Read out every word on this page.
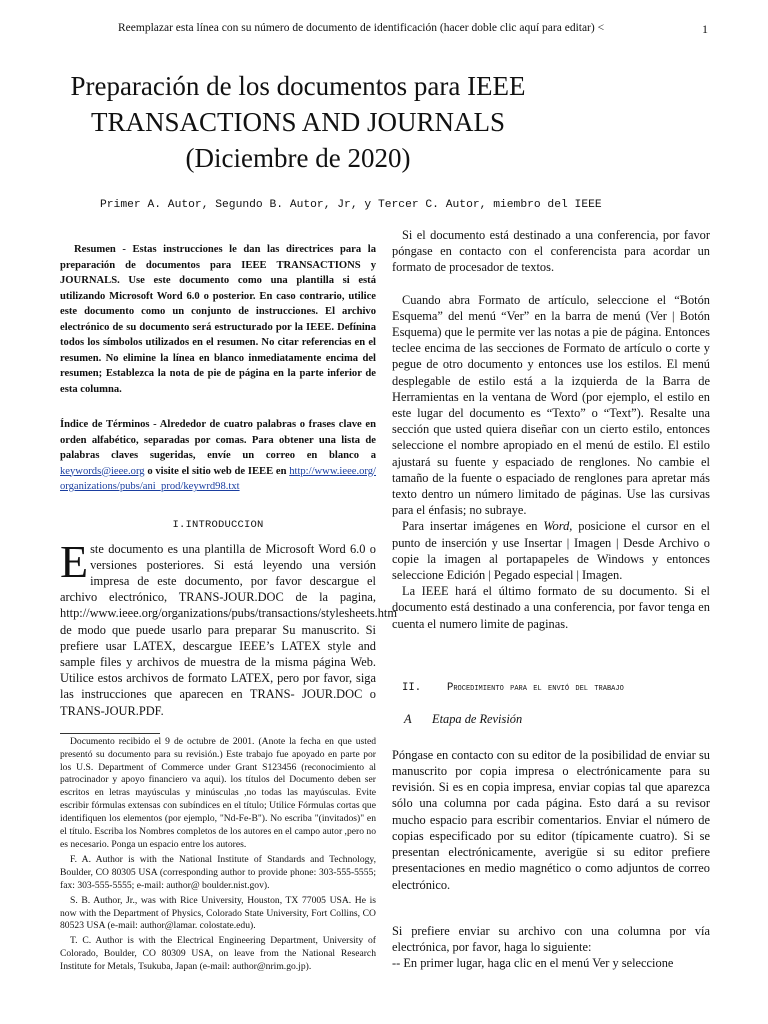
Reemplazar esta línea con su número de documento de identificación (hacer doble clic aquí para editar) <	1
Preparación de los documentos para IEEE
TRANSACTIONS AND JOURNALS
(Diciembre de 2020)
Primer A. Autor, Segundo B. Autor, Jr, y Tercer C. Autor, miembro del IEEE

Resumen - Estas instrucciones le dan las directrices para la preparación de documentos para IEEE TRANSACTIONS y JOURNALS. Use este documento como una plantilla si está utilizando Microsoft Word 6.0 o posterior. En caso contrario, utilice este documento como un conjunto de instrucciones. El archivo electrónico de su documento será estructurado por la IEEE. Defínina todos los símbolos utilizados en el resumen. No citar referencias en el resumen. No elimine la línea en blanco inmediatamente encima del resumen; Establezca la nota de pie de página en la parte inferior de esta columna.

Índice de Términos - Alrededor de cuatro palabras o frases clave en orden alfabético, separadas por comas. Para obtener una lista de palabras claves sugeridas, envíe un correo en blanco a keywords@ieee.org o visite el sitio web de IEEE en http://www.ieee.org/organizations/pubs/ani_prod/keywrd98.txt

I.INTRODUCCION

Este documento es una plantilla de Microsoft Word 6.0 o versiones posteriores. Si está leyendo una versión impresa de este documento, por favor descargue el archivo electrónico, TRANS-JOUR.DOC de la pagina, http://www.ieee.org/organizations/pubs/transactions/stylesheets.htm de modo que puede usarlo para preparar Su manuscrito. Si prefiere usar LATEX, descargue IEEE’s LATEX style and sample files y archivos de muestra de la misma página Web. Utilice estos archivos de formato LATEX, pero por favor, siga las instrucciones que aparecen en TRANS- JOUR.DOC o TRANS-JOUR.PDF.

Documento recibido el 9 de octubre de 2001. (Anote la fecha en que usted presentó su documento para su revisión.) Este trabajo fue apoyado en parte por los U.S. Department of Commerce under Grant S123456 (reconocimiento al patrocinador y apoyo financiero va aqui). los títulos del Documento deben ser escritos en letras mayúsculas y minúsculas ,no todas las mayúsculas. Evite escribir fórmulas extensas con subíndices en el título; Utilice Fórmulas cortas que identifiquen los elementos (por ejemplo, "Nd-Fe-B"). No escriba "(invitados)" en el título. Escriba los Nombres completos de los autores en el campo autor ,pero no es necesario. Ponga un espacio entre los autores.

F. A. Author is with the National Institute of Standards and Technology, Boulder, CO 80305 USA (corresponding author to provide phone: 303-555-5555; fax: 303-555-5555; e-mail: author@ boulder.nist.gov).

S. B. Author, Jr., was with Rice University, Houston, TX 77005 USA. He is now with the Department of Physics, Colorado State University, Fort Collins, CO 80523 USA (e-mail: author@lamar. colostate.edu).

T. C. Author is with the Electrical Engineering Department, University of Colorado, Boulder, CO 80309 USA, on leave from the National Research Institute for Metals, Tsukuba, Japan (e-mail: author@nrim.go.jp).

Si el documento está destinado a una conferencia, por favor póngase en contacto con el conferencista para acordar un formato de procesador de textos.

Cuando abra Formato de artículo, seleccione el “Botón Esquema” del menú “Ver” en la barra de menú (Ver | Botón Esquema) que le permite ver las notas a pie de página. Entonces teclee encima de las secciones de Formato de artículo o corte y pegue de otro documento y entonces use los estilos. El menú desplegable de estilo está a la izquierda de la Barra de Herramientas en la ventana de Word (por ejemplo, el estilo en este lugar del documento es “Texto” o “Text”). Resalte una sección que usted quiera diseñar con un cierto estilo, entonces seleccione el nombre apropiado en el menú de estilo. El estilo ajustará su fuente y espaciado de renglones. No cambie el tamaño de la fuente o espaciado de renglones para apretar más texto dentro un número limitado de páginas. Use las cursivas para el énfasis; no subraye.

Para insertar imágenes en Word, posicione el cursor en el punto de inserción y use Insertar | Imagen | Desde Archivo o copie la imagen al portapapeles de Windows y entonces seleccione Edición | Pegado especial | Imagen.

La IEEE hará el último formato de su documento. Si el documento está destinado a una conferencia, por favor tenga en cuenta el numero limite de paginas.

II.	Procedimiento para el envió del trabajo
A	Etapa de Revisión

Póngase en contacto con su editor de la posibilidad de enviar su manuscrito por copia impresa o electrónicamente para su revisión. Si es en copia impresa, enviar copias tal que aparezca sólo una columna por cada página. Esto dará a su revisor mucho espacio para escribir comentarios. Enviar el número de copias especificado por su editor (típicamente cuatro). Si se presentan electrónicamente, averigüe si su editor prefiere presentaciones en medio magnético o como adjuntos de correo electrónico.

Si prefiere enviar su archivo con una columna por vía electrónica, por favor, haga lo siguiente:

-- En primer lugar, haga clic en el menú Ver y seleccione
